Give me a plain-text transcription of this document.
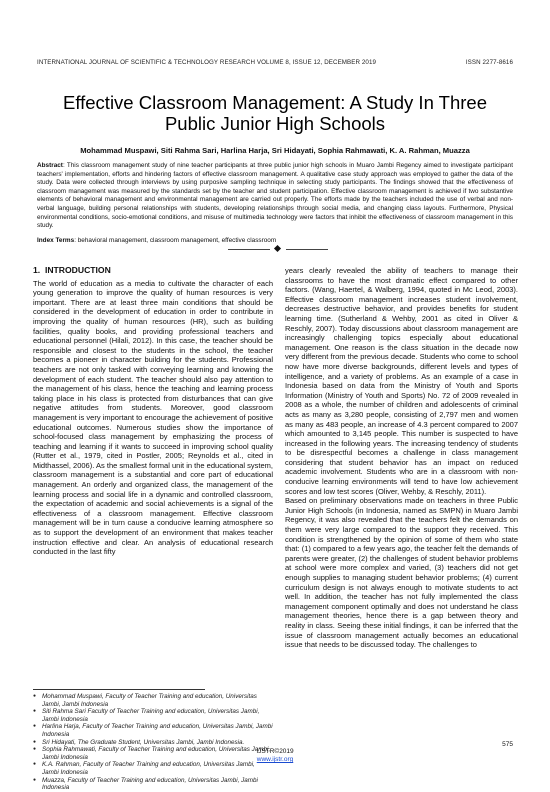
INTERNATIONAL JOURNAL OF SCIENTIFIC & TECHNOLOGY RESEARCH VOLUME 8, ISSUE 12, DECEMBER 2019	ISSN 2277-8616
Effective Classroom Management: A Study In Three Public Junior High Schools
Mohammad Muspawi, Siti Rahma Sari, Harlina Harja, Sri Hidayati, Sophia Rahmawati, K. A. Rahman, Muazza
Abstract: This classroom management study of nine teacher participants at three public junior high schools in Muaro Jambi Regency aimed to investigate participant teachers' implementation, efforts and hindering factors of effective classroom management. A qualitative case study approach was employed to gather the data of the study. Data were collected through interviews by using purposive sampling technique in selecting study participants. The findings showed that the effectiveness of classroom management was measured by the standards set by the teacher and student participation. Effective classroom management is achieved if two substantive elements of behavioral management and environmental management are carried out properly. The efforts made by the teachers included the use of verbal and non-verbal language, building personal relationships with students, developing relationships through social media, and changing class layouts. Furthermore, Physical environmental conditions, socio-emotional conditions, and misuse of multimedia technology were factors that inhibit the effectiveness of classroom management in this study.
Index Terms: behavioral management, classroom management, effective classroom
1.  INTRODUCTION

The world of education as a media to cultivate the character of each young generation to improve the quality of human resources is very important. There are at least three main conditions that should be considered in the development of education in order to contribute in improving the quality of human resources (HR), such as building facilities, quality books, and providing professional teachers and educational personnel (Hilali, 2012). In this case, the teacher should be responsible and closest to the students in the school, the teacher becomes a pioneer in character building for the students. Professional teachers are not only tasked with conveying learning and knowing the development of each student. The teacher should also pay attention to the management of his class, hence the teaching and learning process taking place in his class is protected from disturbances that can give negative attitudes from students. Moreover, good classroom management is very important to encourage the achievement of positive educational outcomes. Numerous studies show the importance of school-focused class management by emphasizing the process of teaching and learning if it wants to succeed in improving school quality (Rutter et al., 1979, cited in Postler, 2005; Reynolds et al., cited in Midthassel, 2006). As the smallest formal unit in the educational system, classroom management is a substantial and core part of educational management. An orderly and organized class, the management of the learning process and social life in a dynamic and controlled classroom, the expectation of academic and social achievements is a signal of the effectiveness of a classroom management. Effective classroom management will be in turn cause a conducive learning atmosphere so as to support the development of an environment that makes teacher instruction effective and clear. An analysis of educational research conducted in the last fifty

years clearly revealed the ability of teachers to manage their classrooms to have the most dramatic effect compared to other factors. (Wang, Haertel, & Walberg, 1994, quoted in Mc Leod, 2003). Effective classroom management increases student involvement, decreases destructive behavior, and provides benefits for student learning time. (Sutherland & Wehby, 2001 as cited in Oliver & Reschly, 2007). Today discussions about classroom management are increasingly challenging topics especially about educational management. One reason is the class situation in the decade now very different from the previous decade. Students who come to school now have more diverse backgrounds, different levels and types of intelligence, and a variety of problems. As an example of a case in Indonesia based on data from the Ministry of Youth and Sports Information (Ministry of Youth and Sports) No. 72 of 2009 revealed in 2008 as a whole, the number of children and adolescents of criminal acts as many as 3,280 people, consisting of 2,797 men and women as many as 483 people, an increase of 4.3 percent compared to 2007 which amounted to 3,145 people. This number is suspected to have increased in the following years. The increasing tendency of students to be disrespectful becomes a challenge in class management considering that student behavior has an impact on reduced academic involvement. Students who are in a classroom with non-conducive learning environments will tend to have low achievement scores and low test scores (Oliver, Wehby, & Reschly, 2011).

Based on preliminary observations made on teachers in three Public Junior High Schools (in Indonesia, named as SMPN) in Muaro Jambi Regency, it was also revealed that the teachers felt the demands on them were very large compared to the support they received. This condition is strengthened by the opinion of some of them who state that: (1) compared to a few years ago, the teacher felt the demands of parents were greater, (2) the challenges of student behavior problems at school were more complex and varied, (3) teachers did not get enough supplies to managing student behavior problems; (4) current curriculum design is not always enough to motivate students to act well. In addition, the teacher has not fully implemented the class management component optimally and does not understand he class management theories, hence there is a gap between theory and reality in class. Seeing these initial findings, it can be inferred that the issue of classroom management actually becomes an educational issue that needs to be discussed today. The challenges to

● Mohammad Muspawi, Faculty of Teacher Training and education, Universitas Jambi, Jambi Indonesia
● Siti Rahma Sari Faculty of Teacher Training and education, Universitas Jambi, Jambi Indonesia
● Harlina Harja, Faculty of Teacher Training and education, Universitas Jambi, Jambi Indonesia
● Sri Hidayati, The Graduate Student, Universitas Jambi, Jambi Indonesia.
● Sophia Rahmawati, Faculty of Teacher Training and education, Universitas Jambi, Jambi Indonesia
● K.A. Rahman, Faculty of Teacher Training and education, Universitas Jambi, Jambi Indonesia
● Muazza, Faculty of Teacher Training and education, Universitas Jambi, Jambi Indonesia
575
IJSTR©2019
www.ijstr.org
